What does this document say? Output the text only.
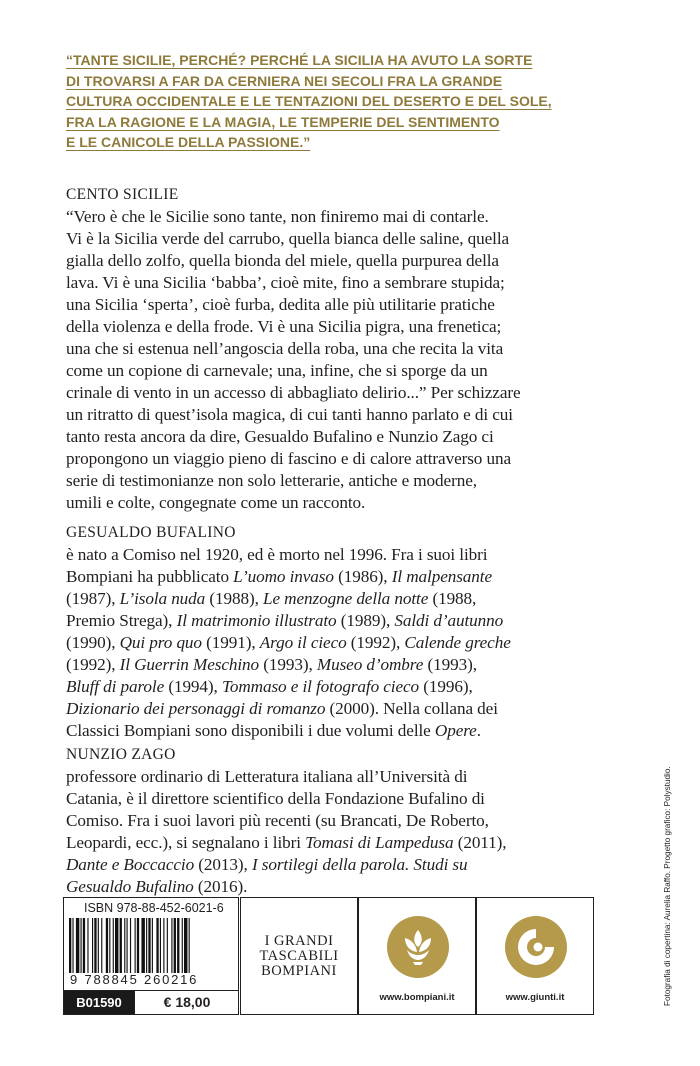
“TANTE SICILIE, PERCHÉ? PERCHÉ LA SICILIA HA AVUTO LA SORTE
DI TROVARSI A FAR DA CERNIERA NEI SECOLI FRA LA GRANDE
CULTURA OCCIDENTALE E LE TENTAZIONI DEL DESERTO E DEL SOLE,
FRA LA RAGIONE E LA MAGIA, LE TEMPERIE DEL SENTIMENTO
E LE CANICOLE DELLA PASSIONE.”
CENTO SICILIE
“Vero è che le Sicilie sono tante, non finiremo mai di contarle.
Vi è la Sicilia verde del carrubo, quella bianca delle saline, quella
gialla dello zolfo, quella bionda del miele, quella purpurea della
lava. Vi è una Sicilia ‘babba’, cioè mite, fino a sembrare stupida;
una Sicilia ‘sperta’, cioè furba, dedita alle più utilitarie pratiche
della violenza e della frode. Vi è una Sicilia pigra, una frenetica;
una che si estenua nell’angoscia della roba, una che recita la vita
come un copione di carnevale; una, infine, che si sporge da un
crinale di vento in un accesso di abbagliato delirio...” Per schizzare
un ritratto di quest’isola magica, di cui tanti hanno parlato e di cui
tanto resta ancora da dire, Gesualdo Bufalino e Nunzio Zago ci
propongono un viaggio pieno di fascino e di calore attraverso una
serie di testimonianze non solo letterarie, antiche e moderne,
umili e colte, congegnate come un racconto.
GESUALDO BUFALINO
è nato a Comiso nel 1920, ed è morto nel 1996. Fra i suoi libri
Bompiani ha pubblicato L’uomo invaso (1986), Il malpensante
(1987), L’isola nuda (1988), Le menzogne della notte (1988,
Premio Strega), Il matrimonio illustrato (1989), Saldi d’autunno
(1990), Qui pro quo (1991), Argo il cieco (1992), Calende greche
(1992), Il Guerrin Meschino (1993), Museo d’ombre (1993),
Bluff di parole (1994), Tommaso e il fotografo cieco (1996),
Dizionario dei personaggi di romanzo (2000). Nella collana dei
Classici Bompiani sono disponibili i due volumi delle Opere.
NUNZIO ZAGO
professore ordinario di Letteratura italiana all’Università di
Catania, è il direttore scientifico della Fondazione Bufalino di
Comiso. Fra i suoi lavori più recenti (su Brancati, De Roberto,
Leopardi, ecc.), si segnalano i libri Tomasi di Lampedusa (2011),
Dante e Boccaccio (2013), I sortilegi della parola. Studi su
Gesualdo Bufalino (2016).	Fotografia di copertina: Aurelia Raffo. Progetto grafico: Polystudio.
ISBN 978-88-452-6021-6
9 788845 260216
B01590	€ 18,00
I GRANDI
TASCABILI
BOMPIANI
www.bompiani.it	www.giunti.it
